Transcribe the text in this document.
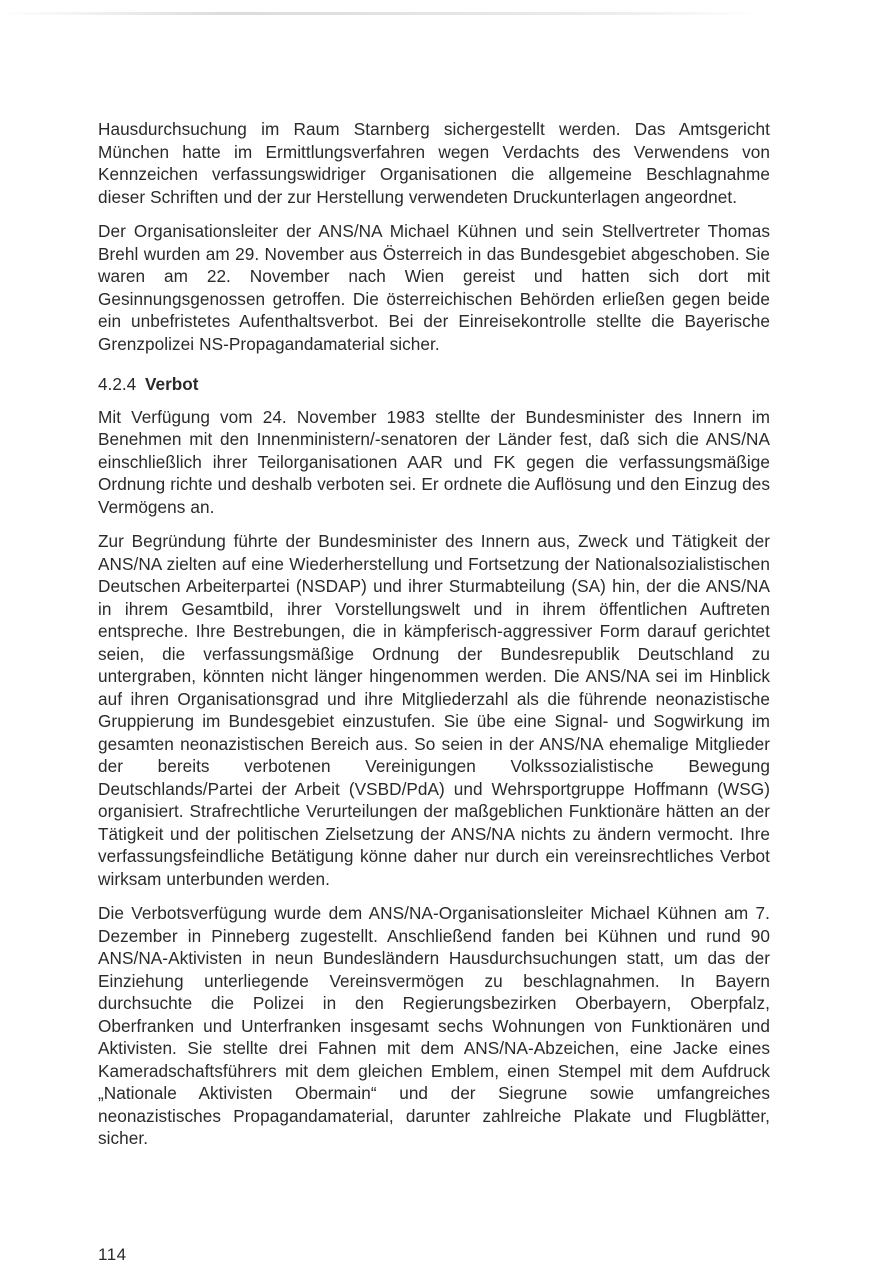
Hausdurchsuchung im Raum Starnberg sichergestellt werden. Das Amtsgericht München hatte im Ermittlungsverfahren wegen Verdachts des Verwendens von Kennzeichen verfassungswidriger Organisationen die allgemeine Beschlagnahme dieser Schriften und der zur Herstellung verwendeten Druckunterlagen angeordnet.

Der Organisationsleiter der ANS/NA Michael Kühnen und sein Stellvertreter Thomas Brehl wurden am 29. November aus Österreich in das Bundesgebiet abgeschoben. Sie waren am 22. November nach Wien gereist und hatten sich dort mit Gesinnungsgenossen getroffen. Die österreichischen Behörden erließen gegen beide ein unbefristetes Aufenthaltsverbot. Bei der Einreisekontrolle stellte die Bayerische Grenzpolizei NS-Propagandamaterial sicher.

4.2.4 Verbot

Mit Verfügung vom 24. November 1983 stellte der Bundesminister des Innern im Benehmen mit den Innenministern/-senatoren der Länder fest, daß sich die ANS/NA einschließlich ihrer Teilorganisationen AAR und FK gegen die verfassungsmäßige Ordnung richte und deshalb verboten sei. Er ordnete die Auflösung und den Einzug des Vermögens an.

Zur Begründung führte der Bundesminister des Innern aus, Zweck und Tätigkeit der ANS/NA zielten auf eine Wiederherstellung und Fortsetzung der Nationalsozialistischen Deutschen Arbeiterpartei (NSDAP) und ihrer Sturmabteilung (SA) hin, der die ANS/NA in ihrem Gesamtbild, ihrer Vorstellungswelt und in ihrem öffentlichen Auftreten entspreche. Ihre Bestrebungen, die in kämpferisch-aggressiver Form darauf gerichtet seien, die verfassungsmäßige Ordnung der Bundesrepublik Deutschland zu untergraben, könnten nicht länger hingenommen werden. Die ANS/NA sei im Hinblick auf ihren Organisationsgrad und ihre Mitgliederzahl als die führende neonazistische Gruppierung im Bundesgebiet einzustufen. Sie übe eine Signal- und Sogwirkung im gesamten neonazistischen Bereich aus. So seien in der ANS/NA ehemalige Mitglieder der bereits verbotenen Vereinigungen Volkssozialistische Bewegung Deutschlands/Partei der Arbeit (VSBD/PdA) und Wehrsportgruppe Hoffmann (WSG) organisiert. Strafrechtliche Verurteilungen der maßgeblichen Funktionäre hätten an der Tätigkeit und der politischen Zielsetzung der ANS/NA nichts zu ändern vermocht. Ihre verfassungsfeindliche Betätigung könne daher nur durch ein vereinsrechtliches Verbot wirksam unterbunden werden.

Die Verbotsverfügung wurde dem ANS/NA-Organisationsleiter Michael Kühnen am 7. Dezember in Pinneberg zugestellt. Anschließend fanden bei Kühnen und rund 90 ANS/NA-Aktivisten in neun Bundesländern Hausdurchsuchungen statt, um das der Einziehung unterliegende Vereinsvermögen zu beschlagnahmen. In Bayern durchsuchte die Polizei in den Regierungsbezirken Oberbayern, Oberpfalz, Oberfranken und Unterfranken insgesamt sechs Wohnungen von Funktionären und Aktivisten. Sie stellte drei Fahnen mit dem ANS/NA-Abzeichen, eine Jacke eines Kameradschaftsführers mit dem gleichen Emblem, einen Stempel mit dem Aufdruck „Nationale Aktivisten Obermain“ und der Siegrune sowie umfangreiches neonazistisches Propagandamaterial, darunter zahlreiche Plakate und Flugblätter, sicher.

114
